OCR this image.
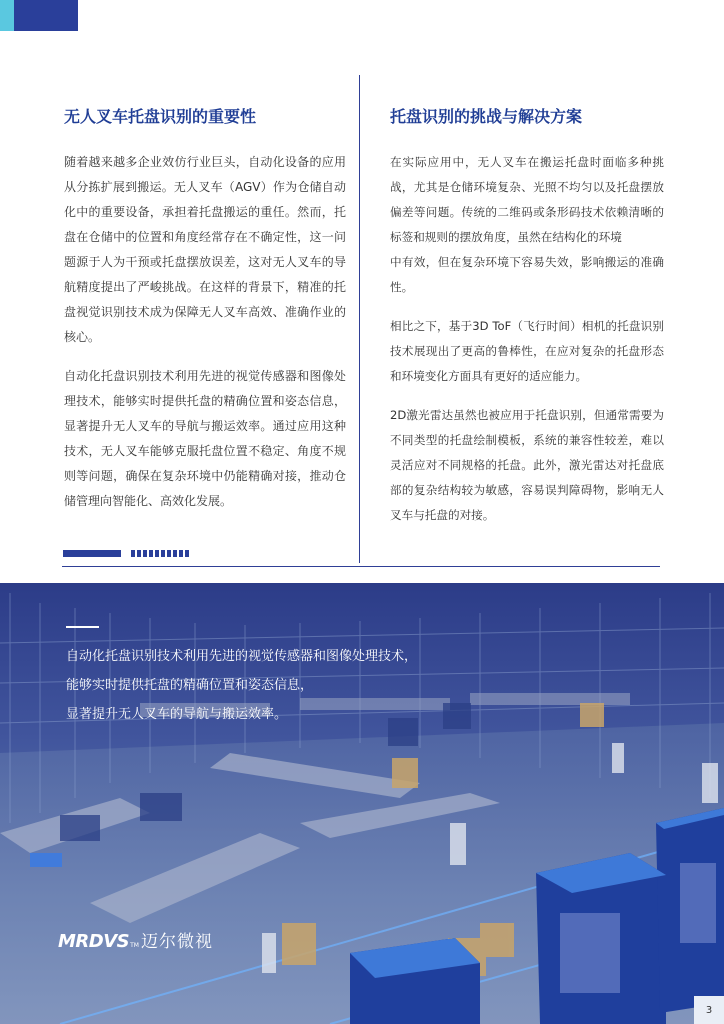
无人叉车托盘识别的重要性	托盘识别的挑战与解决方案

随着越来越多企业效仿行业巨头，自动化设备的应用从分拣扩展到搬运。无人叉车（AGV）作为仓储自动化中的重要设备，承担着托盘搬运的重任。然而，托盘在仓储中的位置和角度经常存在不确定性，这一问题源于人为干预或托盘摆放误差，这对无人叉车的导航精度提出了严峻挑战。在这样的背景下，精准的托盘视觉识别技术成为保障无人叉车高效、准确作业的核心。

自动化托盘识别技术利用先进的视觉传感器和图像处理技术，能够实时提供托盘的精确位置和姿态信息，显著提升无人叉车的导航与搬运效率。通过应用这种技术，无人叉车能够克服托盘位置不稳定、角度不规则等问题，确保在复杂环境中仍能精确对接，推动仓储管理向智能化、高效化发展。

在实际应用中，无人叉车在搬运托盘时面临多种挑战，尤其是仓储环境复杂、光照不均匀以及托盘摆放偏差等问题。传统的二维码或条形码技术依赖清晰的标签和规则的摆放角度，虽然在结构化的环境

中有效，但在复杂环境下容易失效，影响搬运的准确性。

相比之下，基于3D ToF（飞行时间）相机的托盘识别技术展现出了更高的鲁棒性，在应对复杂的托盘形态和环境变化方面具有更好的适应能力。

2D激光雷达虽然也被应用于托盘识别，但通常需要为不同类型的托盘绘制模板，系统的兼容性较差，难以灵活应对不同规格的托盘。此外，激光雷达对托盘底部的复杂结构较为敏感，容易误判障碍物，影响无人叉车与托盘的对接。

自动化托盘识别技术利用先进的视觉传感器和图像处理技术，
能够实时提供托盘的精确位置和姿态信息，
显著提升无人叉车的导航与搬运效率。
MRDVS TM 迈尔微视
3
